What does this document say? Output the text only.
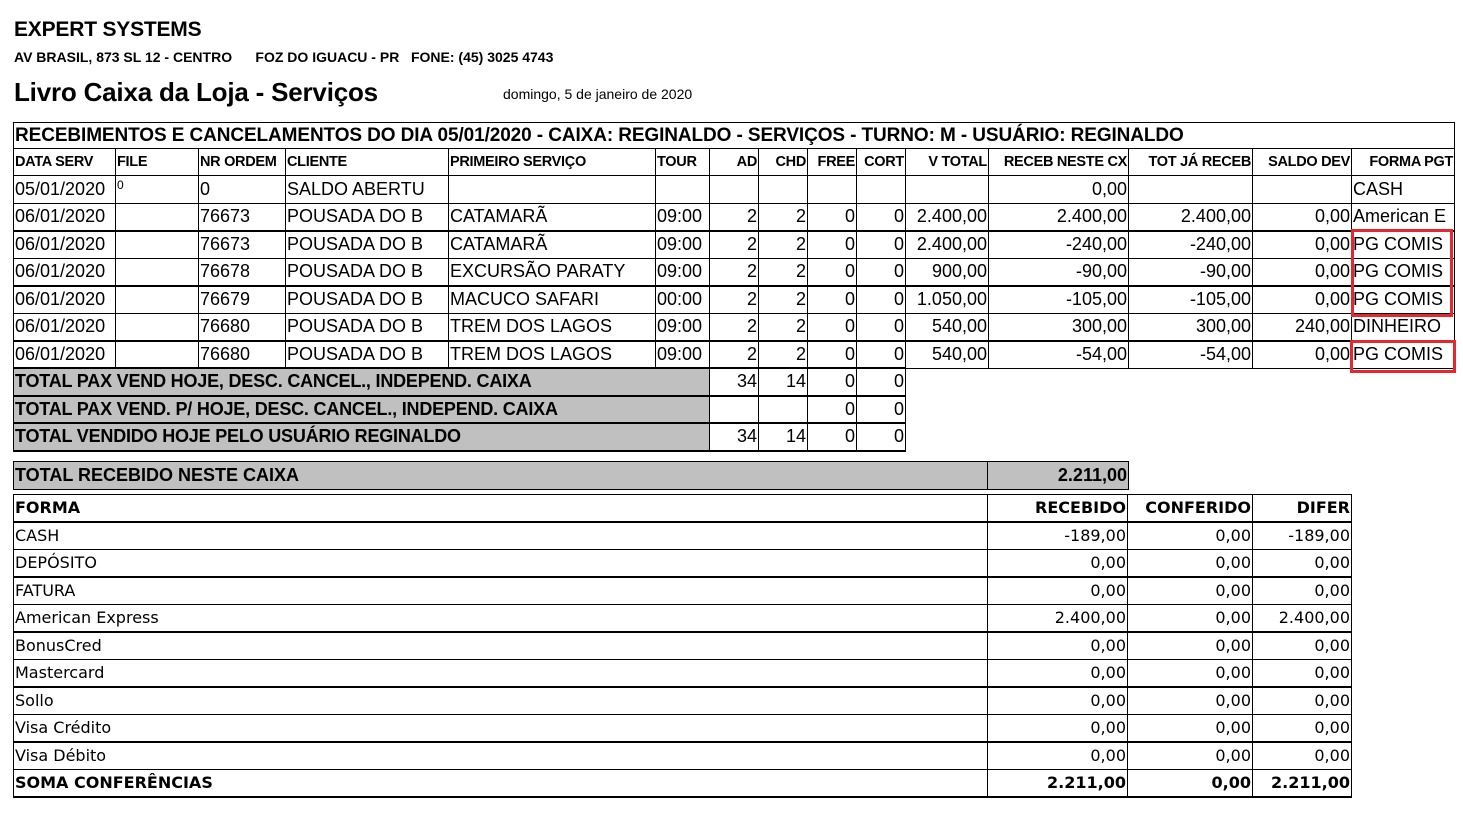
EXPERT SYSTEMS
AV BRASIL, 873 SL 12 - CENTRO      FOZ DO IGUACU - PR   FONE: (45) 3025 4743
Livro Caixa da Loja - Serviços	domingo, 5 de janeiro de 2020
RECEBIMENTOS E CANCELAMENTOS DO DIA 05/01/2020 - CAIXA: REGINALDO - SERVIÇOS - TURNO: M - USUÁRIO: REGINALDO														
DATA SERV	FILE	NR ORDEM	CLIENTE	PRIMEIRO SERVIÇO	TOUR	AD	CHD	FREE	CORT	V TOTAL	RECEB NESTE CX	TOT JÁ RECEB	SALDO DEV	FORMA PGT
05/01/2020	0	0	SALDO ABERTU								0,00			CASH
06/01/2020		76673	POUSADA DO B	CATAMARÃ	09:00	2	2	0	0	2.400,00	2.400,00	2.400,00	0,00	American E
06/01/2020		76673	POUSADA DO B	CATAMARÃ	09:00	2	2	0	0	2.400,00	-240,00	-240,00	0,00	PG COMIS
06/01/2020		76678	POUSADA DO B	EXCURSÃO PARATY	09:00	2	2	0	0	900,00	-90,00	-90,00	0,00	PG COMIS
06/01/2020		76679	POUSADA DO B	MACUCO SAFARI	00:00	2	2	0	0	1.050,00	-105,00	-105,00	0,00	PG COMIS
06/01/2020		76680	POUSADA DO B	TREM DOS LAGOS	09:00	2	2	0	0	540,00	300,00	300,00	240,00	DINHEIRO
06/01/2020		76680	POUSADA DO B	TREM DOS LAGOS	09:00	2	2	0	0	540,00	-54,00	-54,00	0,00	PG COMIS
TOTAL PAX VEND HOJE, DESC. CANCEL., INDEPEND. CAIXA						34	14	0	0					
TOTAL PAX VEND. P/ HOJE, DESC. CANCEL., INDEPEND. CAIXA								0	0					
TOTAL VENDIDO HOJE PELO USUÁRIO REGINALDO						34	14	0	0					
TOTAL RECEBIDO NESTE CAIXA	2.211,00
FORMA	RECEBIDO	CONFERIDO	DIFER
CASH	-189,00	0,00	-189,00
DEPÓSITO	0,00	0,00	0,00
FATURA	0,00	0,00	0,00
American Express	2.400,00	0,00	2.400,00
BonusCred	0,00	0,00	0,00
Mastercard	0,00	0,00	0,00
Sollo	0,00	0,00	0,00
Visa Crédito	0,00	0,00	0,00
Visa Débito	0,00	0,00	0,00
SOMA CONFERÊNCIAS	2.211,00	0,00	2.211,00
